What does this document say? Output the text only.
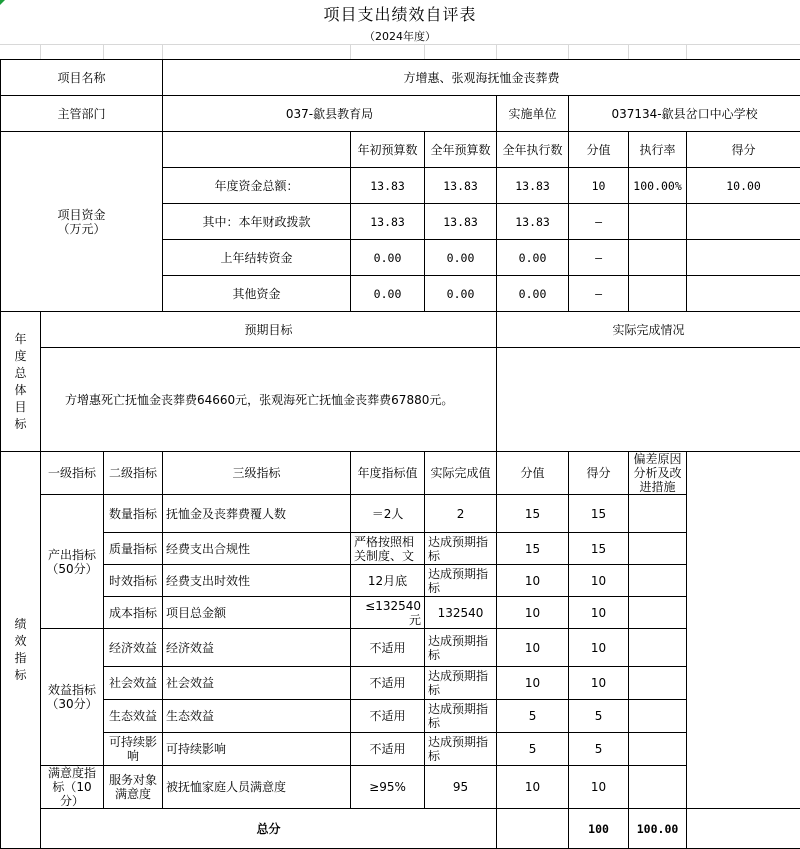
项目支出绩效自评表
（2024年度）
项目名称			方增惠、张观海抚恤金丧葬费						
主管部门			037-歙县教育局			实施单位	037134-歙县岔口中心学校		

项目资金
（万元）				年初预算数	全年预算数	全年执行数	分值	执行率	得分
			年度资金总额：	13.83	13.83	13.83	10	100.00%	10.00
			其中：本年财政拨款	13.83	13.83	13.83	—		
			上年结转资金	0.00	0.00	0.00	—		
			其他资金	0.00	0.00	0.00	—		
年度总体目标	预期目标					实际完成情况			
	方增惠死亡抚恤金丧葬费64660元，张观海死亡抚恤金丧葬费67880元。								
绩效指标	一级指标	二级指标	三级指标	年度指标值	实际完成值	分值	得分	偏差原因分析及改进措施	
	产出指标（50分）	数量指标	抚恤金及丧葬费覆人数	＝2人	2	15	15		
		质量指标	经费支出合规性	严格按照相关制度、文	达成预期指标	15	15		
		时效指标	经费支出时效性	12月底	达成预期指标	10	10		
		成本指标	项目总金额	≤132540元	132540	10	10		
	效益指标（30分）	经济效益	经济效益	不适用	达成预期指标	10	10		
		社会效益	社会效益	不适用	达成预期指标	10	10		
		生态效益	生态效益	不适用	达成预期指标	5	5		
		可持续影响	可持续影响	不适用	达成预期指标	5	5		
	满意度指标（10分）	服务对象满意度	被抚恤家庭人员满意度	≥95%	95	10	10		
	总分						100	100.00	
